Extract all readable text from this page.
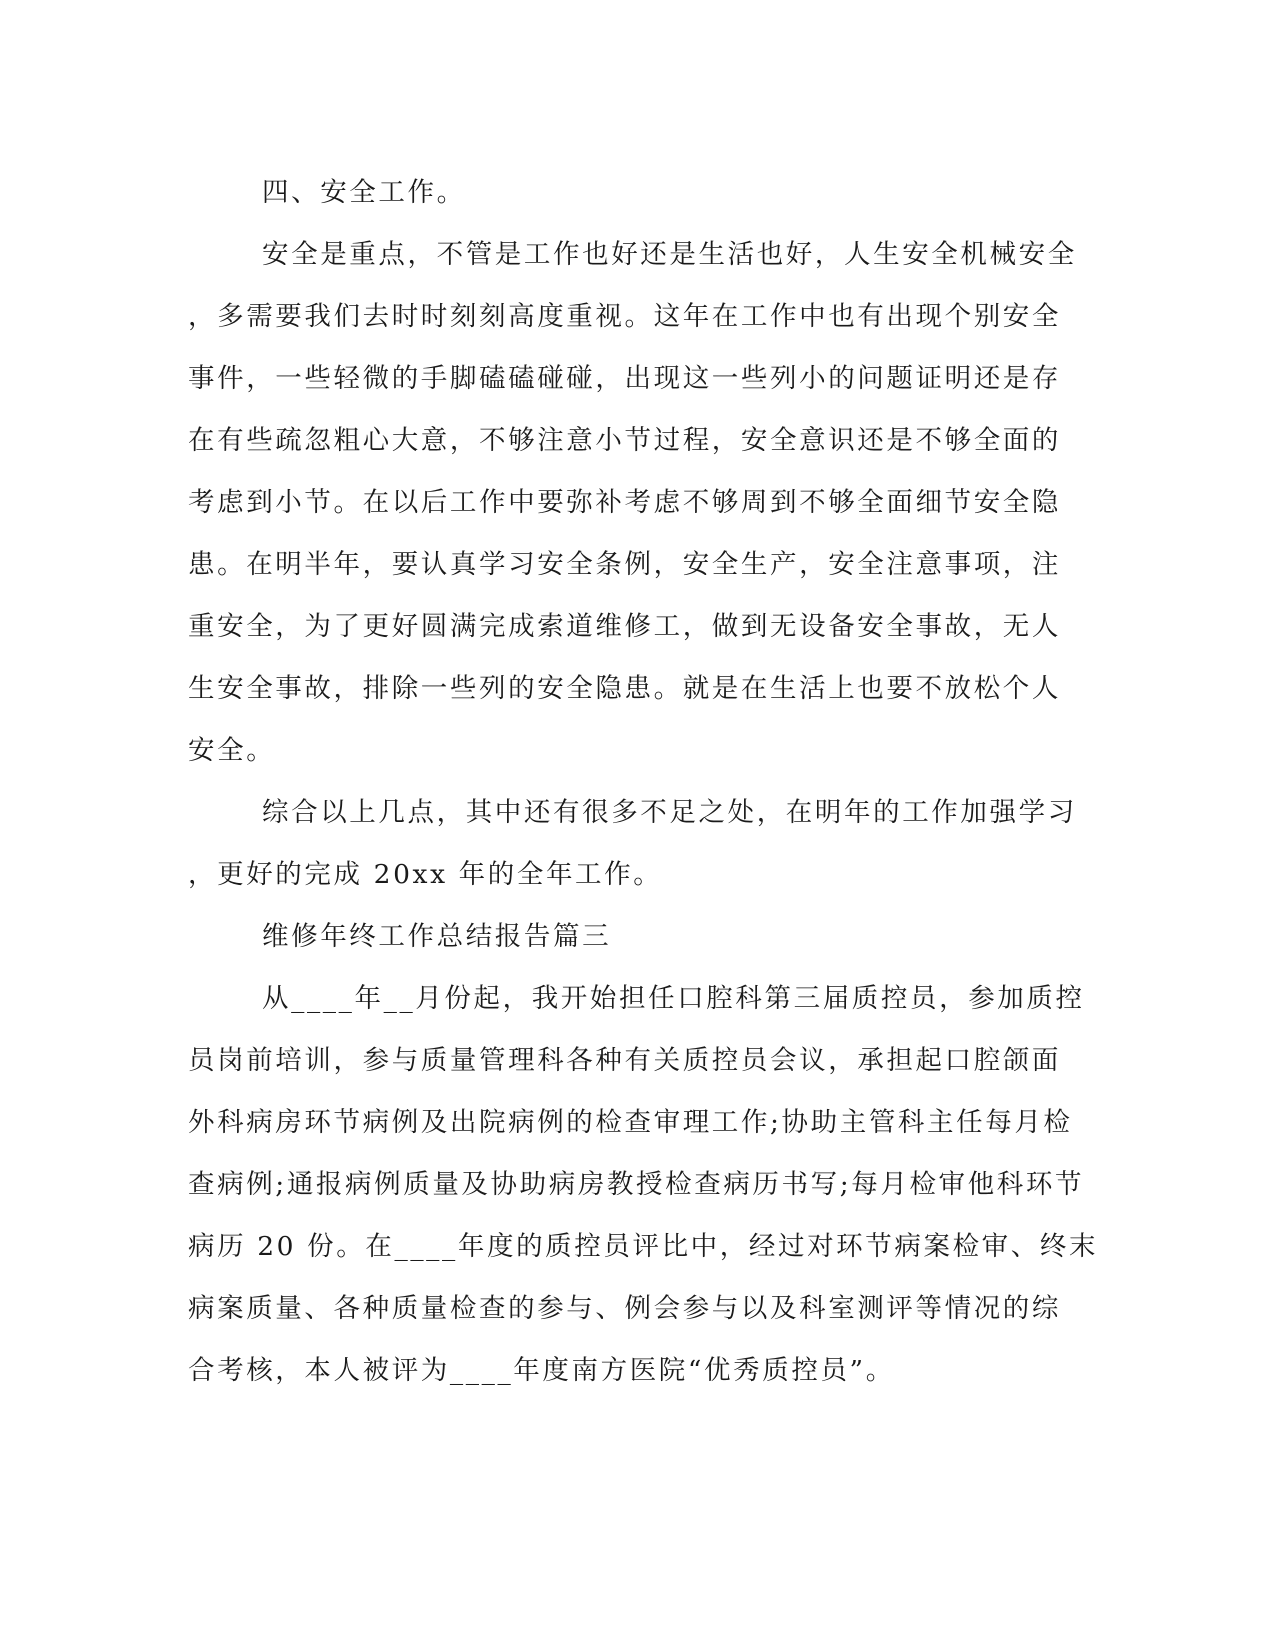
四、安全工作。
安全是重点，不管是工作也好还是生活也好，人生安全机械安全
，多需要我们去时时刻刻高度重视。这年在工作中也有出现个别安全
事件，一些轻微的手脚磕磕碰碰，出现这一些列小的问题证明还是存
在有些疏忽粗心大意，不够注意小节过程，安全意识还是不够全面的
考虑到小节。在以后工作中要弥补考虑不够周到不够全面细节安全隐
患。在明半年，要认真学习安全条例，安全生产，安全注意事项，注
重安全，为了更好圆满完成索道维修工，做到无设备安全事故，无人
生安全事故，排除一些列的安全隐患。就是在生活上也要不放松个人
安全。
综合以上几点，其中还有很多不足之处，在明年的工作加强学习
，更好的完成 20xx 年的全年工作。
维修年终工作总结报告篇三
从____年__月份起，我开始担任口腔科第三届质控员，参加质控
员岗前培训，参与质量管理科各种有关质控员会议，承担起口腔颌面
外科病房环节病例及出院病例的检查审理工作;协助主管科主任每月检
查病例;通报病例质量及协助病房教授检查病历书写;每月检审他科环节
病历 20 份。在____年度的质控员评比中，经过对环节病案检审、终末
病案质量、各种质量检查的参与、例会参与以及科室测评等情况的综
合考核，本人被评为____年度南方医院“优秀质控员”。
